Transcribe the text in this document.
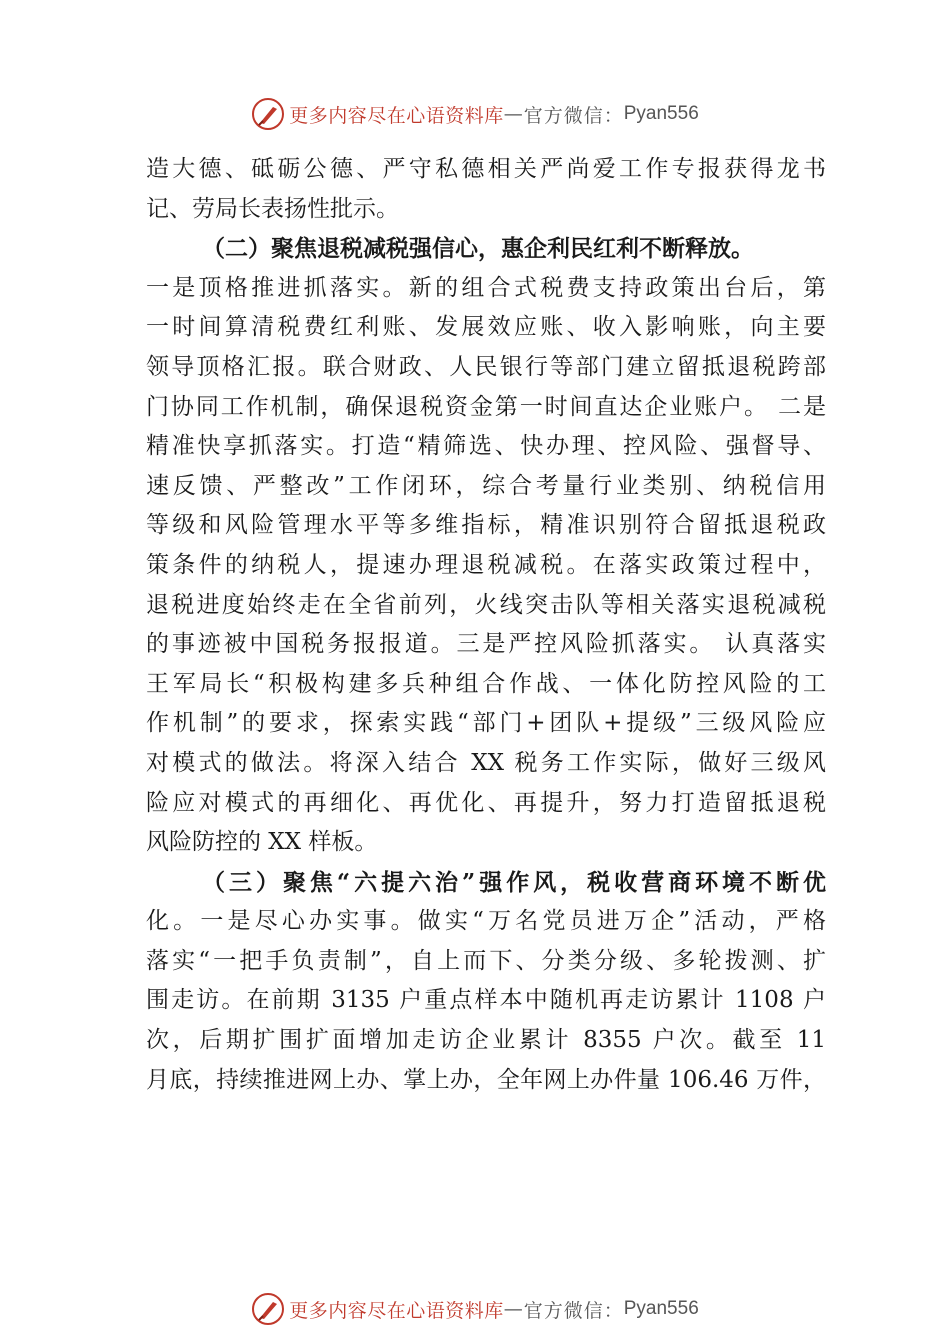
更多内容尽在心语资料库 — 官方微信： Pyan556
造大德、砥砺公德、严守私德相关严尚爱工作专报获得龙书
记、劳局长表扬性批示。
（二）聚焦退税减税强信心，惠企利民红利不断释放。
一是顶格推进抓落实。新的组合式税费支持政策出台后，第
一时间算清税费红利账、发展效应账、收入影响账，向主要
领导顶格汇报。联合财政、人民银行等部门建立留抵退税跨部
门协同工作机制，确保退税资金第一时间直达企业账户。 二是
精准快享抓落实。打造“精筛选、快办理、控风险、强督导、
速反馈、严整改”工作闭环，综合考量行业类别、纳税信用
等级和风险管理水平等多维指标，精准识别符合留抵退税政
策条件的纳税人，提速办理退税减税。在落实政策过程中，
退税进度始终走在全省前列，火线突击队等相关落实退税减税
的事迹被中国税务报报道。三是严控风险抓落实。 认真落实
王军局长“积极构建多兵种组合作战、一体化防控风险的工
作机制”的要求，探索实践“部门+团队+提级”三级风险应
对模式的做法。将深入结合 XX 税务工作实际，做好三级风
险应对模式的再细化、再优化、再提升，努力打造留抵退税
风险防控的 XX 样板。
（三）聚焦“六提六治”强作风，税收营商环境不断优
化。一是尽心办实事。做实“万名党员进万企”活动，严格
落实“一把手负责制”，自上而下、分类分级、多轮拨测、扩
围走访。在前期 3135 户重点样本中随机再走访累计 1108 户
次，后期扩围扩面增加走访企业累计 8355 户次。截至 11
月底，持续推进网上办、掌上办，全年网上办件量 106.46 万件，
更多内容尽在心语资料库 — 官方微信： Pyan556
